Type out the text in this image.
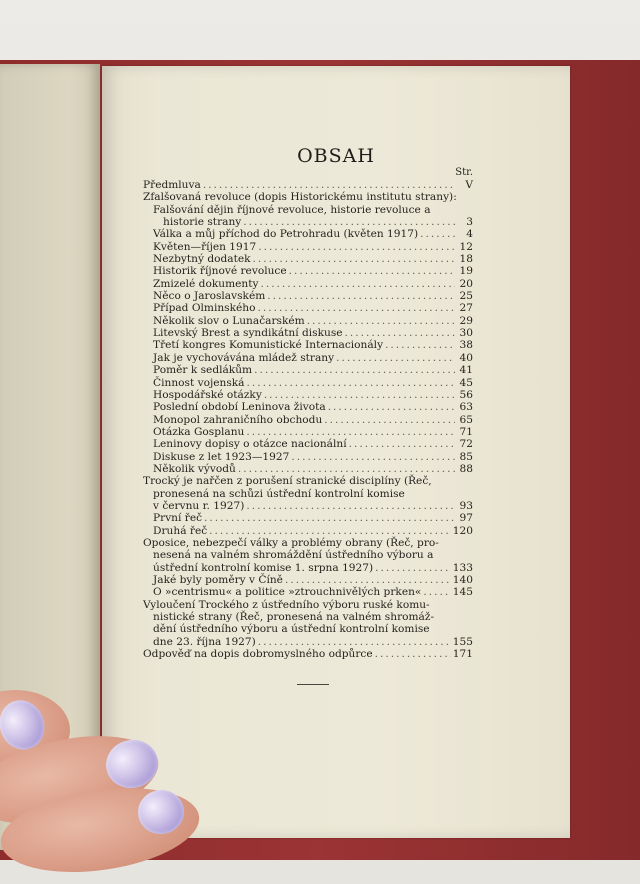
OBSAH
Str.
Předmluva .....	V
Zfalšovaná revoluce (dopis Historickému institutu strany):
Falšování dějin říjnové revoluce, historie revoluce a
historie strany .....	3
Válka a můj příchod do Petrohradu (květen 1917) .....	4
Květen—říjen 1917 .....	12
Nezbytný dodatek .....	18
Historik říjnové revoluce .....	19
Zmizelé dokumenty .....	20
Něco o Jaroslavském .....	25
Případ Olminského .....	27
Několik slov o Lunačarském .....	29
Litevský Brest a syndikátní diskuse .....	30
Třetí kongres Komunistické Internacionály .....	38
Jak je vychovávána mládež strany .....	40
Poměr k sedlákům .....	41
Činnost vojenská .....	45
Hospodářské otázky .....	56
Poslední období Leninova života .....	63
Monopol zahraničního obchodu .....	65
Otázka Gosplanu .....	71
Leninovy dopisy o otázce nacionální .....	72
Diskuse z let 1923—1927 .....	85
Několik vývodů .....	88
Trocký je nařčen z porušení stranické disciplíny (Řeč,
pronesená na schůzi ústřední kontrolní komise
v červnu r. 1927) .....	93
První řeč .....	97
Druhá řeč .....	120
Oposice, nebezpečí války a problémy obrany (Řeč, pro-
nesená na valném shromáždění ústředního výboru a
ústřední kontrolní komise 1. srpna 1927) .....	133
Jaké byly poměry v Číně .....	140
O »centrismu« a politice »ztrouchnivělých prken« .....	145
Vyloučení Trockého z ústředního výboru ruské komu-
nistické strany (Řeč, pronesená na valném shromáž-
dění ústředního výboru a ústřední kontrolní komise
dne 23. října 1927) .....	155
Odpověď na dopis dobromyslného odpůrce .....	171
